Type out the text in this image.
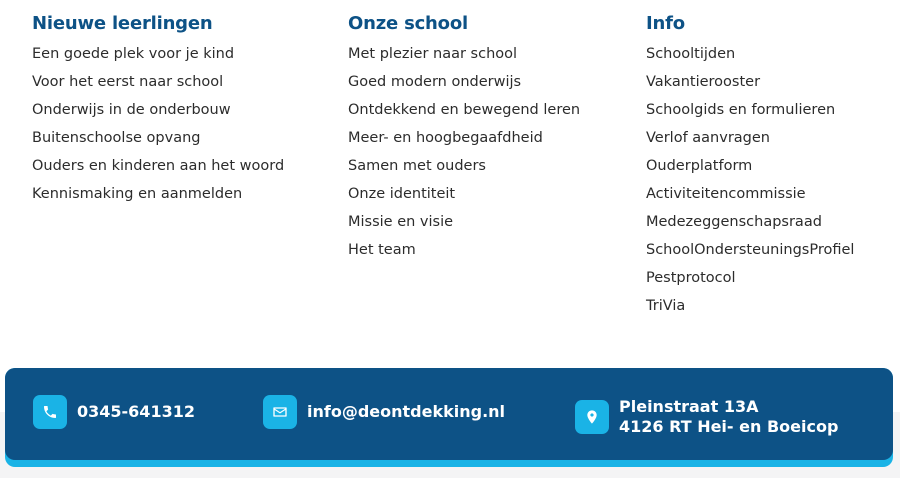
Nieuwe leerlingen
Een goede plek voor je kind
Voor het eerst naar school
Onderwijs in de onderbouw
Buitenschoolse opvang
Ouders en kinderen aan het woord
Kennismaking en aanmelden
Onze school
Met plezier naar school
Goed modern onderwijs
Ontdekkend en bewegend leren
Meer- en hoogbegaafdheid
Samen met ouders
Onze identiteit
Missie en visie
Het team
Info
Schooltijden
Vakantierooster
Schoolgids en formulieren
Verlof aanvragen
Ouderplatform
Activiteitencommissie
Medezeggenschapsraad
SchoolOndersteuningsProfiel
Pestprotocol
TriVia
0345-641312	info@deontdekking.nl	Pleinstraat 13A
4126 RT Hei- en Boeicop
